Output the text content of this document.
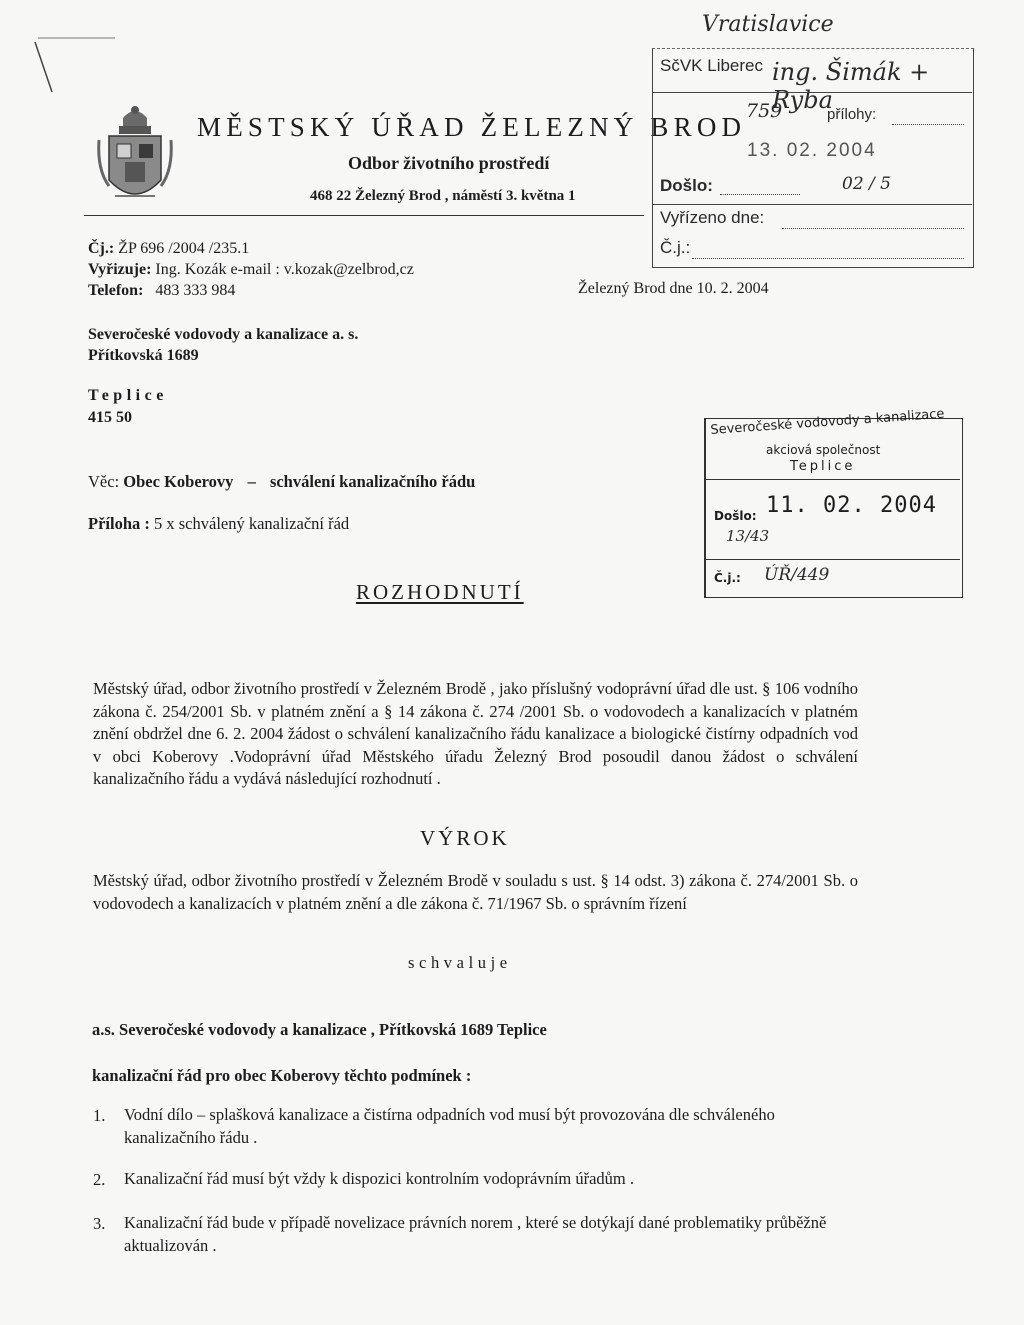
MĚSTSKÝ ÚŘAD ŽELEZNÝ BROD
Odbor životního prostředí
468 22 Železný Brod , náměstí 3. května 1
Vratislavice
SčVK Liberec ing. Šimák + Ryba
759	přílohy:
13. 02. 2004
Došlo:	02 / 5
Vyřízeno dne:
Č.j.:
Čj.: ŽP 696 /2004 /235.1
Vyřizuje: Ing. Kozák e-mail : v.kozak@zelbrod,cz
Telefon: 483 333 984	Železný Brod dne 10. 2. 2004
Severočeské vodovody a kanalizace a. s.
Přítkovská 1689
Teplice
415 50	Severočeské vodovody a kanalizace
akciová společnost
Teplice
Došlo: 11. 02. 2004
13/43
Č.j.: ÚŘ/449
Věc: Obec Koberovy – schválení kanalizačního řádu
Příloha : 5 x schválený kanalizační řád
ROZHODNUTÍ
Městský úřad, odbor životního prostředí v Železném Brodě , jako příslušný vodoprávní úřad dle ust. § 106 vodního zákona č. 254/2001 Sb. v platném znění a § 14 zákona č. 274 /2001 Sb. o vodovodech a kanalizacích v platném znění obdržel dne 6. 2. 2004 žádost o schválení kanalizačního řádu kanalizace a biologické čistírny odpadních vod v obci Koberovy .Vodoprávní úřad Městského úřadu Železný Brod posoudil danou žádost o schválení kanalizačního řádu a vydává následující rozhodnutí .
VÝROK
Městský úřad, odbor životního prostředí v Železném Brodě v souladu s ust. § 14 odst. 3) zákona č. 274/2001 Sb. o vodovodech a kanalizacích v platném znění a dle zákona č. 71/1967 Sb. o správním řízení
schvaluje
a.s. Severočeské vodovody a kanalizace , Přítkovská 1689 Teplice
kanalizační řád pro obec Koberovy těchto podmínek :
1. Vodní dílo – splašková kanalizace a čistírna odpadních vod musí být provozována dle schváleného kanalizačního řádu .
2. Kanalizační řád musí být vždy k dispozici kontrolním vodoprávním úřadům .
3. Kanalizační řád bude v případě novelizace právních norem , které se dotýkají dané problematiky průběžně aktualizován .
